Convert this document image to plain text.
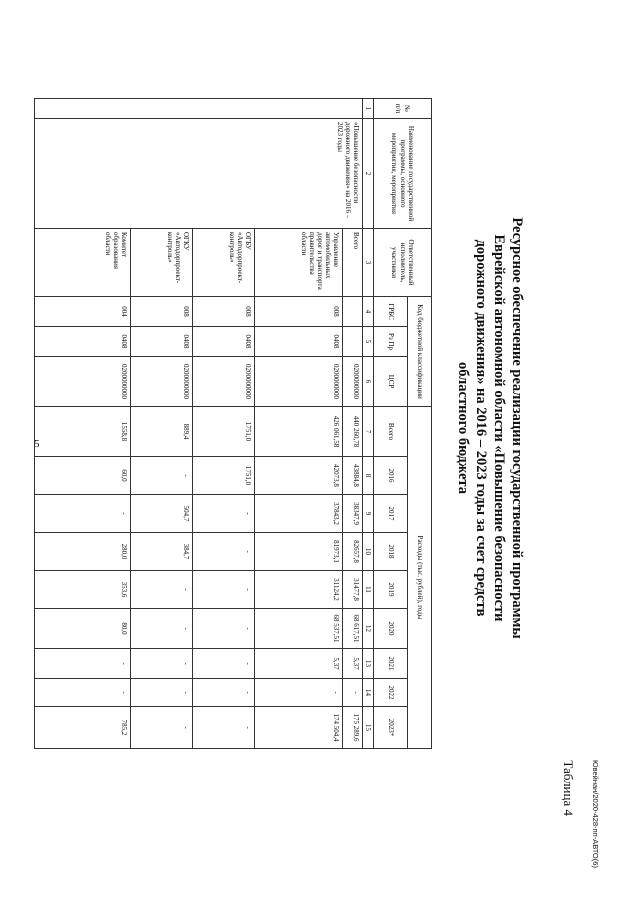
5
Ювейнан/2020-428-пп-АВТО(6)
Таблица 4
Ресурсное обеспечение реализации государственной программы
Еврейской автономной области «Повышение безопасности
дорожного движения» на 2016 – 2023 годы за счет средств
областного бюджета
№ п/п	Наименование государственной программы, основного мероприятия, мероприятия	Ответственный исполнитель, участники	Код бюджетной классификации			Расходы (тыс. рублей), годы								
			ГРБС	Рз Пр	ЦСР	Всего	2016	2017	2018	2019	2020	2021	2022	2023*
1	2	3	4	5	6	7	8	9	10	11	12	13	14	15
	«Повышение безопасности дорожного движения» на 2016 – 2023 годы	Всего			0200000000	440 260,78	43884,8	38347,9	82657,8	31477,8	68 617,51	5,37	-	175 289,6
		Управление автомобильных дорог и транспорта правительства области	008	0408	0200000000	426 061,58	42073,8	37843,2	81973,1	31124,2	68 537,51	5,37	-	174 504,4
		ОГБУ «Автодорпроект-контроль»	008	0408	0200000000	1751,0	1751,0	-	-	-	-	-	-	-
		ОГКУ «Автодорпроект-контроль»	008	0408	0200000000	889,4	-	504,7	384,7	-	-	-	-	-
		Комитет образования области	004	0408	0200000000	1558,8	60,0	-	280,0	353,6	80,0	-	-	785,2
